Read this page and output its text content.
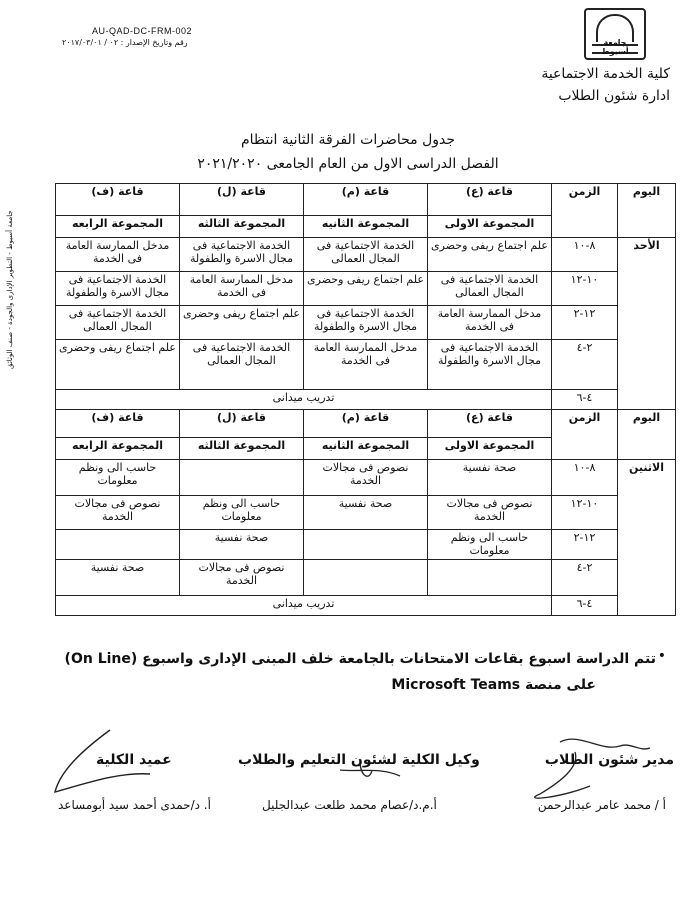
AU-QAD-DC-FRM-002
رقم وتاريخ الإصدار : ٠٢ / ٢٠١٧/٠٣/٠١	جامعة أسيوط
كلية الخدمة الاجتماعية
ادارة شئون الطلاب
جدول محاضرات الفرقة الثانية انتظام
الفصل الدراسى الاول من العام الجامعى ٢٠٢١/٢٠٢٠
جامعة أسيوط - التطوير الإدارى والجودة - صنف الوثائق
اليوم	الزمن	قاعة (ع)	قاعة (م)	قاعة (ل)	قاعة (ف)
		المجموعة الاولى	المجموعة الثانيه	المجموعة الثالثه	المجموعة الرابعه
الأحد	٨-١٠	علم اجتماع ريفى وحضرى	الخدمة الاجتماعية فى المجال العمالى	الخدمة الاجتماعية فى مجال الاسرة والطفولة	مدخل الممارسة العامة فى الخدمة
	١٠-١٢	الخدمة الاجتماعية فى المجال العمالى	علم اجتماع ريفى وحضرى	مدخل الممارسة العامة فى الخدمة	الخدمة الاجتماعية فى مجال الاسرة والطفولة
	١٢-٢	مدخل الممارسة العامة فى الخدمة	الخدمة الاجتماعية فى مجال الاسرة والطفولة	علم اجتماع ريفى وحضرى	الخدمة الاجتماعية فى المجال العمالى
	٢-٤	الخدمة الاجتماعية فى مجال الاسرة والطفولة	مدخل الممارسة العامة فى الخدمة	الخدمة الاجتماعية فى المجال العمالى	علم اجتماع ريفى وحضرى
	٤-٦	تدريب ميدانى			
اليوم	الزمن	قاعة (ع)	قاعة (م)	قاعة (ل)	قاعة (ف)
		المجموعة الاولى	المجموعة الثانيه	المجموعة الثالثه	المجموعة الرابعه
الاثنين	٨-١٠	صحة نفسية	نصوص فى مجالات الخدمة		حاسب الى ونظم معلومات
	١٠-١٢	نصوص فى مجالات الخدمة	صحة نفسية	حاسب الى ونظم معلومات	نصوص فى مجالات الخدمة
	١٢-٢	حاسب الى ونظم معلومات		صحة نفسية	
	٢-٤			نصوص فى مجالات الخدمة	صحة نفسية
	٤-٦	تدريب ميدانى			
•
تتم الدراسة اسبوع بقاعات الامتحانات بالجامعة خلف المبنى الإدارى واسبوع (On Line)
على منصة Microsoft Teams
مدير شئون الطلاب
وكيل الكلية لشئون التعليم والطلاب
عميد الكلية
أ / محمد عامر عبدالرحمن
أ.م.د/عصام محمد طلعت عبدالجليل
أ. د/حمدى أحمد سيد أبومساعد
